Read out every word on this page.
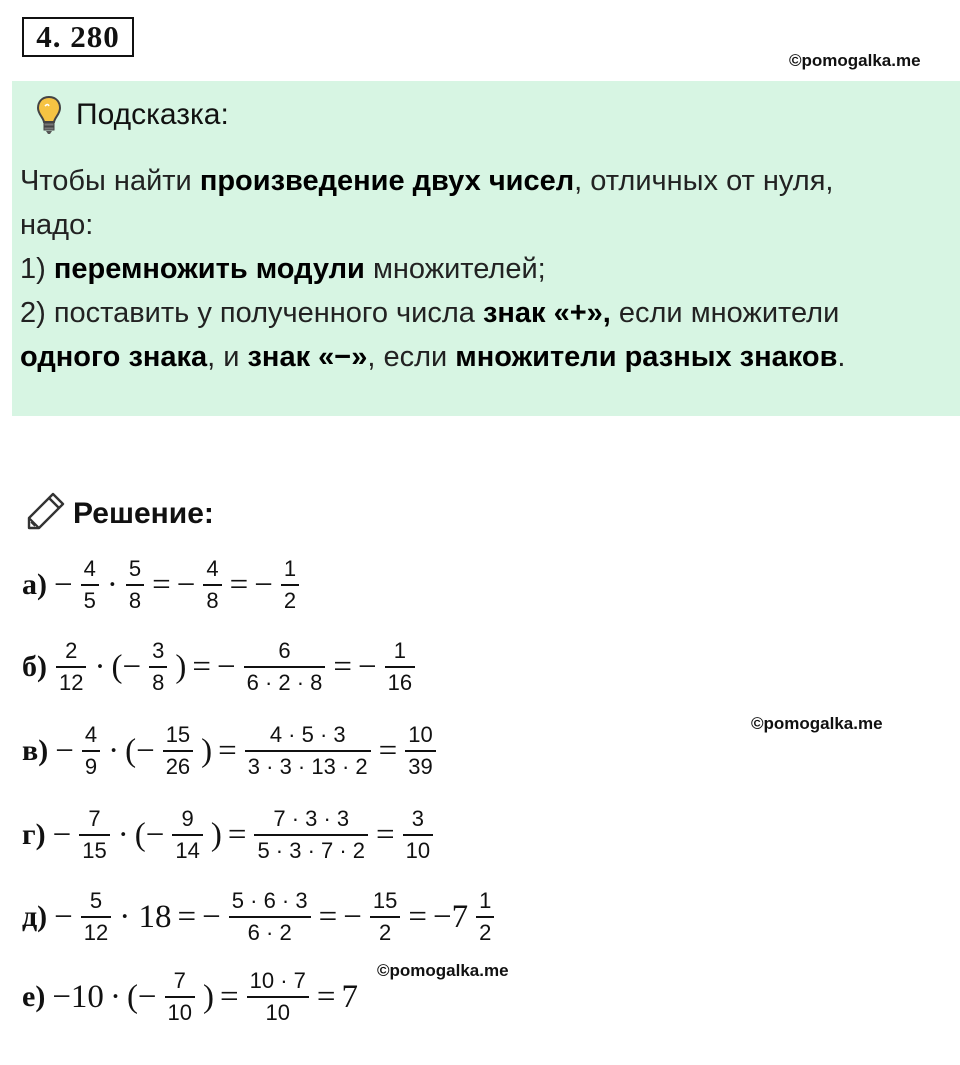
4. 280
©pomogalka.me
Подсказка:
Чтобы найти произведение двух чисел, отличных от нуля,
надо:
1) перемножить модули множителей;
2) поставить у полученного числа знак «+», если множители
одного знака, и знак «−», если множители разных знаков.
Решение:
$а) - \frac{4}{5} \cdot \frac{5}{8}$ = − $\frac{4}{8}$ = − $\frac{1}{2}$
$б) \frac{2}{12}$ · (− $\frac{3}{8}$ ) = − $\frac{6}{6 \cdot 2 \cdot 8}$ = − $\frac{1}{16}$
$в) - \frac{4}{9}$ · (− $\frac{15}{26}$ ) = $\frac{4 \cdot 5 \cdot 3}{3 \cdot 3 \cdot 13 \cdot 2} = \frac{10}{39}$
$г) - \frac{7}{15}$ · (− $\frac{9}{14}$ ) = $\frac{7 \cdot 3 \cdot 3}{5 \cdot 3 \cdot 7 \cdot 2} = \frac{3}{10}$
$д) - \frac{5}{12} \cdot 18$ = − $\frac{5 \cdot 6 \cdot 3}{6 \cdot 2}$ = − $\frac{15}{2} = -7 \frac{1}{2}$
е) −10 · (− $\frac{7}{10}$ ) = $\frac{10 \cdot 7}{10} = 7$
©pomogalka.me
©pomogalka.me
